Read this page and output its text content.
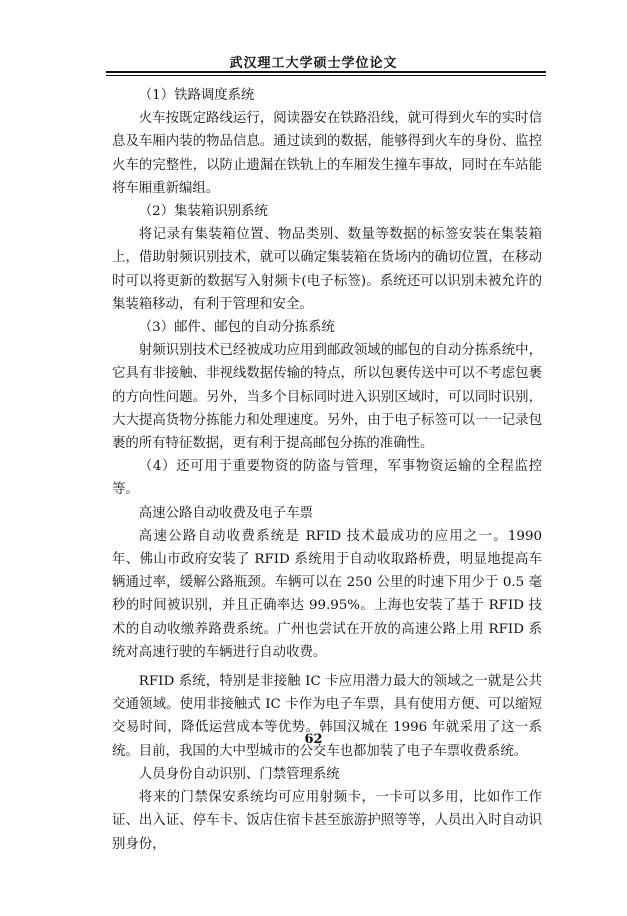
武汉理工大学硕士学位论文

（1）铁路调度系统

火车按既定路线运行，阅读器安在铁路沿线，就可得到火车的实时信息及车厢内装的物品信息。通过读到的数据，能够得到火车的身份、监控火车的完整性，以防止遗漏在铁轨上的车厢发生撞车事故，同时在车站能将车厢重新编组。

（2）集装箱识别系统

将记录有集装箱位置、物品类别、数量等数据的标签安装在集装箱上，借助射频识别技术，就可以确定集装箱在货场内的确切位置，在移动时可以将更新的数据写入射频卡(电子标签)。系统还可以识别未被允许的集装箱移动，有利于管理和安全。

（3）邮件、邮包的自动分拣系统

射频识别技术已经被成功应用到邮政领域的邮包的自动分拣系统中，它具有非接触、非视线数据传输的特点，所以包裹传送中可以不考虑包裹的方向性问题。另外，当多个目标同时进入识别区域时，可以同时识别，大大提高货物分拣能力和处理速度。另外，由于电子标签可以一一记录包裹的所有特征数据，更有利于提高邮包分拣的准确性。

（4）还可用于重要物资的防盗与管理，军事物资运输的全程监控等。

高速公路自动收费及电子车票

高速公路自动收费系统是 RFID 技术最成功的应用之一。1990 年、佛山市政府安装了 RFID 系统用于自动收取路桥费，明显地提高车辆通过率，缓解公路瓶颈。车辆可以在 250 公里的时速下用少于 0.5 毫秒的时间被识别，并且正确率达 99.95%。上海也安装了基于 RFID 技术的自动收缴养路费系统。广州也尝试在开放的高速公路上用 RFID 系统对高速行驶的车辆进行自动收费。

RFID 系统，特别是非接触 IC 卡应用潜力最大的领域之一就是公共交通领域。使用非接触式 IC 卡作为电子车票，具有使用方便、可以缩短交易时间，降低运营成本等优势。韩国汉城在 1996 年就采用了这一系统。目前，我国的大中型城市的公交车也都加装了电子车票收费系统。

人员身份自动识别、门禁管理系统

将来的门禁保安系统均可应用射频卡，一卡可以多用，比如作工作证、出入证、停车卡、饭店住宿卡甚至旅游护照等等，人员出入时自动识别身份，

62
